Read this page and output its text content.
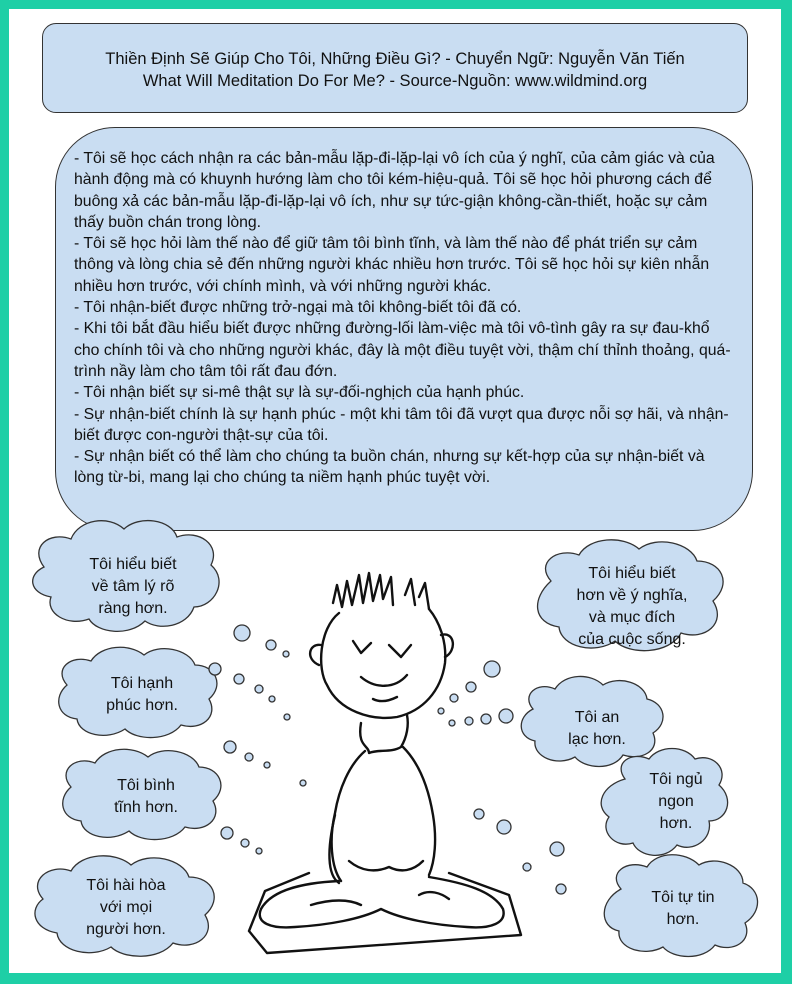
Thiền Định Sẽ Giúp Cho Tôi, Những Điều Gì? - Chuyển Ngữ: Nguyễn Văn Tiến
What Will Meditation Do For Me? - Source-Nguồn: www.wildmind.org

- Tôi sẽ học cách nhận ra các bản-mẫu lặp-đi-lặp-lại vô ích của ý nghĩ, của cảm giác và của hành động mà có khuynh hướng làm cho tôi kém-hiệu-quả. Tôi sẽ học hỏi phương cách để buông xả các bản-mẫu lặp-đi-lặp-lại vô ích, như sự tức-giận không-cần-thiết, hoặc sự cảm thấy buồn chán trong lòng.

- Tôi sẽ học hỏi làm thế nào để giữ tâm tôi bình tĩnh, và làm thế nào để phát triển sự cảm thông và lòng chia sẻ đến những người khác nhiều hơn trước. Tôi sẽ học hỏi sự kiên nhẫn nhiều hơn trước, với chính mình, và với những người khác.

- Tôi nhận-biết được những trở-ngại mà tôi không-biết tôi đã có.

- Khi tôi bắt đầu hiểu biết được những đường-lối làm-việc mà tôi vô-tình gây ra sự đau-khổ cho chính tôi và cho những người khác, đây là một điều tuyệt vời, thậm chí thỉnh thoảng, quá-trình nầy làm cho tâm tôi rất đau đớn.

- Tôi nhận biết sự si-mê thật sự là sự-đối-nghịch của hạnh phúc.

- Sự nhận-biết chính là sự hạnh phúc - một khi tâm tôi đã vượt qua được nỗi sợ hãi, và nhận-biết được con-người thật-sự của tôi.

- Sự nhận biết có thể làm cho chúng ta buồn chán, nhưng sự kết-hợp của sự nhận-biết và lòng từ-bi, mang lại cho chúng ta niềm hạnh phúc tuyệt vời.

Tôi hiểu biết
về tâm lý rõ
ràng hơn.
Tôi hạnh
phúc hơn.
Tôi bình
tĩnh hơn.
Tôi hài hòa
với mọi
người hơn.
Tôi hiểu biết
hơn về ý nghĩa,
và mục đích
của cuộc sống.
Tôi an
lạc hơn.
Tôi ngủ
ngon
hơn.
Tôi tự tin
hơn.
